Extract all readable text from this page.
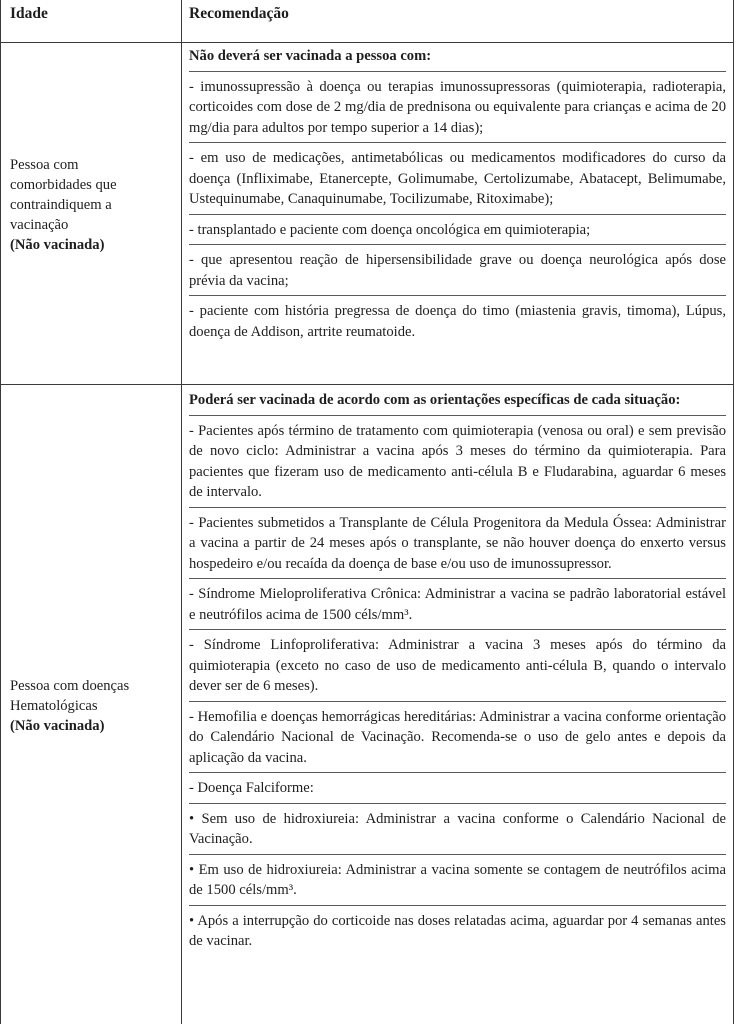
Idade	Recomendação
Pessoa com
comorbidades que
contraindiquem a
vacinação
(Não vacinada)

Não deverá ser vacinada a pessoa com:

- imunossupressão à doença ou terapias imunossupressoras (quimioterapia, radioterapia, corticoides com dose de 2 mg/dia de prednisona ou equivalente para crianças e acima de 20 mg/dia para adultos por tempo superior a 14 dias);

- em uso de medicações, antimetabólicas ou medicamentos modificadores do curso da doença (Infliximabe, Etanercepte, Golimumabe, Certolizumabe, Abatacept, Belimumabe, Ustequinumabe, Canaquinumabe, Tocilizumabe, Ritoximabe);

- transplantado e paciente com doença oncológica em quimioterapia;

- que apresentou reação de hipersensibilidade grave ou doença neurológica após dose prévia da vacina;

- paciente com história pregressa de doença do timo (miastenia gravis, timoma), Lúpus, doença de Addison, artrite reumatoide.

Pessoa com doenças
Hematológicas
(Não vacinada)

Poderá ser vacinada de acordo com as orientações específicas de cada situação:

- Pacientes após término de tratamento com quimioterapia (venosa ou oral) e sem previsão de novo ciclo: Administrar a vacina após 3 meses do término da quimioterapia. Para pacientes que fizeram uso de medicamento anti-célula B e Fludarabina, aguardar 6 meses de intervalo.

- Pacientes submetidos a Transplante de Célula Progenitora da Medula Óssea: Administrar a vacina a partir de 24 meses após o transplante, se não houver doença do enxerto versus hospedeiro e/ou recaída da doença de base e/ou uso de imunossupressor.

- Síndrome Mieloproliferativa Crônica: Administrar a vacina se padrão laboratorial estável e neutrófilos acima de 1500 céls/mm³.

- Síndrome Linfoproliferativa: Administrar a vacina 3 meses após do término da quimioterapia (exceto no caso de uso de medicamento anti-célula B, quando o intervalo dever ser de 6 meses).

- Hemofilia e doenças hemorrágicas hereditárias: Administrar a vacina conforme orientação do Calendário Nacional de Vacinação. Recomenda-se o uso de gelo antes e depois da aplicação da vacina.

- Doença Falciforme:

• Sem uso de hidroxiureia: Administrar a vacina conforme o Calendário Nacional de Vacinação.

• Em uso de hidroxiureia: Administrar a vacina somente se contagem de neutrófilos acima de 1500 céls/mm³.

• Após a interrupção do corticoide nas doses relatadas acima, aguardar por 4 semanas antes de vacinar.
